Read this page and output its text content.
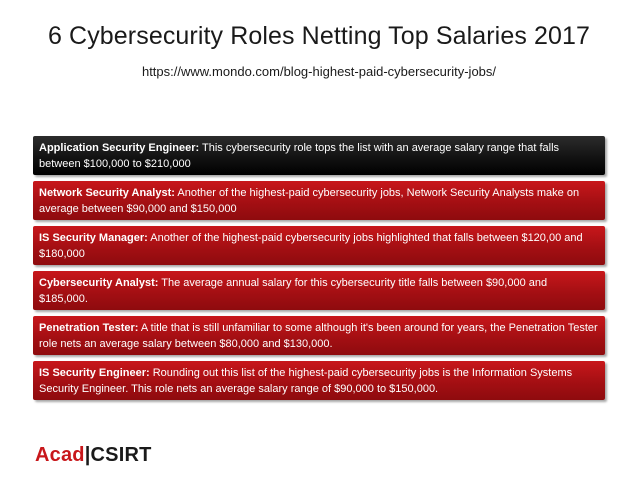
6 Cybersecurity Roles Netting Top Salaries 2017
https://www.mondo.com/blog-highest-paid-cybersecurity-jobs/
Application Security Engineer: This cybersecurity role tops the list with an average salary range that falls between $100,000 to $210,000
Network Security Analyst: Another of the highest-paid cybersecurity jobs, Network Security Analysts make on average between $90,000 and $150,000
IS Security Manager: Another of the highest-paid cybersecurity jobs highlighted that falls between $120,00 and $180,000
Cybersecurity Analyst: The average annual salary for this cybersecurity title falls between $90,000 and $185,000.
Penetration Tester: A title that is still unfamiliar to some although it's been around for years, the Penetration Tester role nets an average salary between $80,000 and $130,000.
IS Security Engineer: Rounding out this list of the highest-paid cybersecurity jobs is the Information Systems Security Engineer. This role nets an average salary range of $90,000 to $150,000.
Acad|CSIRT
